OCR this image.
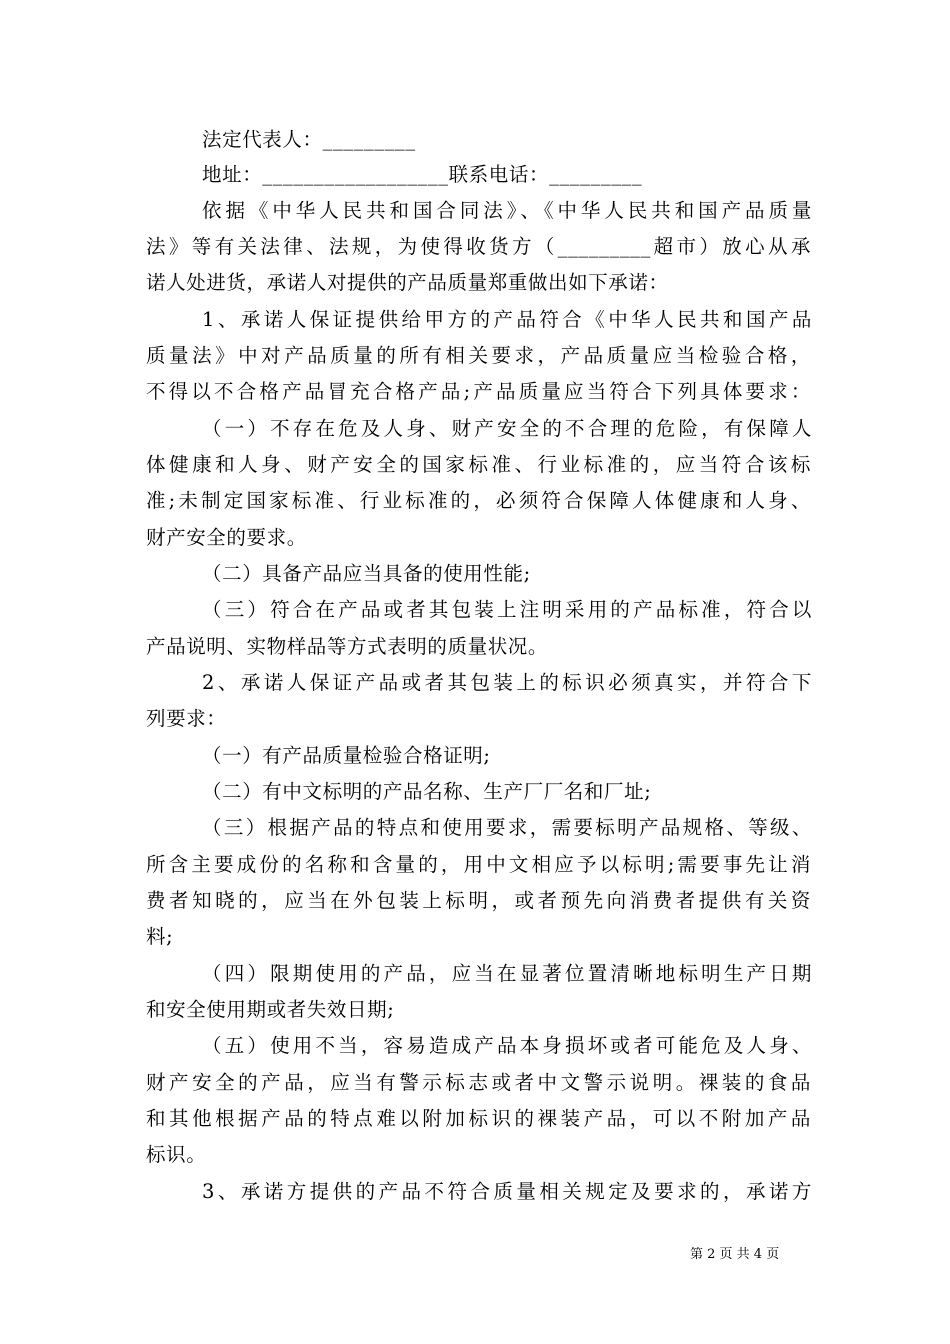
法定代表人：_________
地址：__________________联系电话：_________
依据《中华人民共和国合同法》、《中华人民共和国产品质量
法》等有关法律、法规，为使得收货方（_________超市）放心从承
诺人处进货，承诺人对提供的产品质量郑重做出如下承诺：
1、承诺人保证提供给甲方的产品符合《中华人民共和国产品
质量法》中对产品质量的所有相关要求，产品质量应当检验合格，
不得以不合格产品冒充合格产品;产品质量应当符合下列具体要求：
（一）不存在危及人身、财产安全的不合理的危险，有保障人
体健康和人身、财产安全的国家标准、行业标准的，应当符合该标
准;未制定国家标准、行业标准的，必须符合保障人体健康和人身、
财产安全的要求。
（二）具备产品应当具备的使用性能;
（三）符合在产品或者其包装上注明采用的产品标准，符合以
产品说明、实物样品等方式表明的质量状况。
2、承诺人保证产品或者其包装上的标识必须真实，并符合下
列要求：
（一）有产品质量检验合格证明;
（二）有中文标明的产品名称、生产厂厂名和厂址;
（三）根据产品的特点和使用要求，需要标明产品规格、等级、
所含主要成份的名称和含量的，用中文相应予以标明;需要事先让消
费者知晓的，应当在外包装上标明，或者预先向消费者提供有关资
料;
（四）限期使用的产品，应当在显著位置清晰地标明生产日期
和安全使用期或者失效日期;
（五）使用不当，容易造成产品本身损坏或者可能危及人身、
财产安全的产品，应当有警示标志或者中文警示说明。裸装的食品
和其他根据产品的特点难以附加标识的裸装产品，可以不附加产品
标识。
3、承诺方提供的产品不符合质量相关规定及要求的，承诺方
第 2 页 共 4 页
